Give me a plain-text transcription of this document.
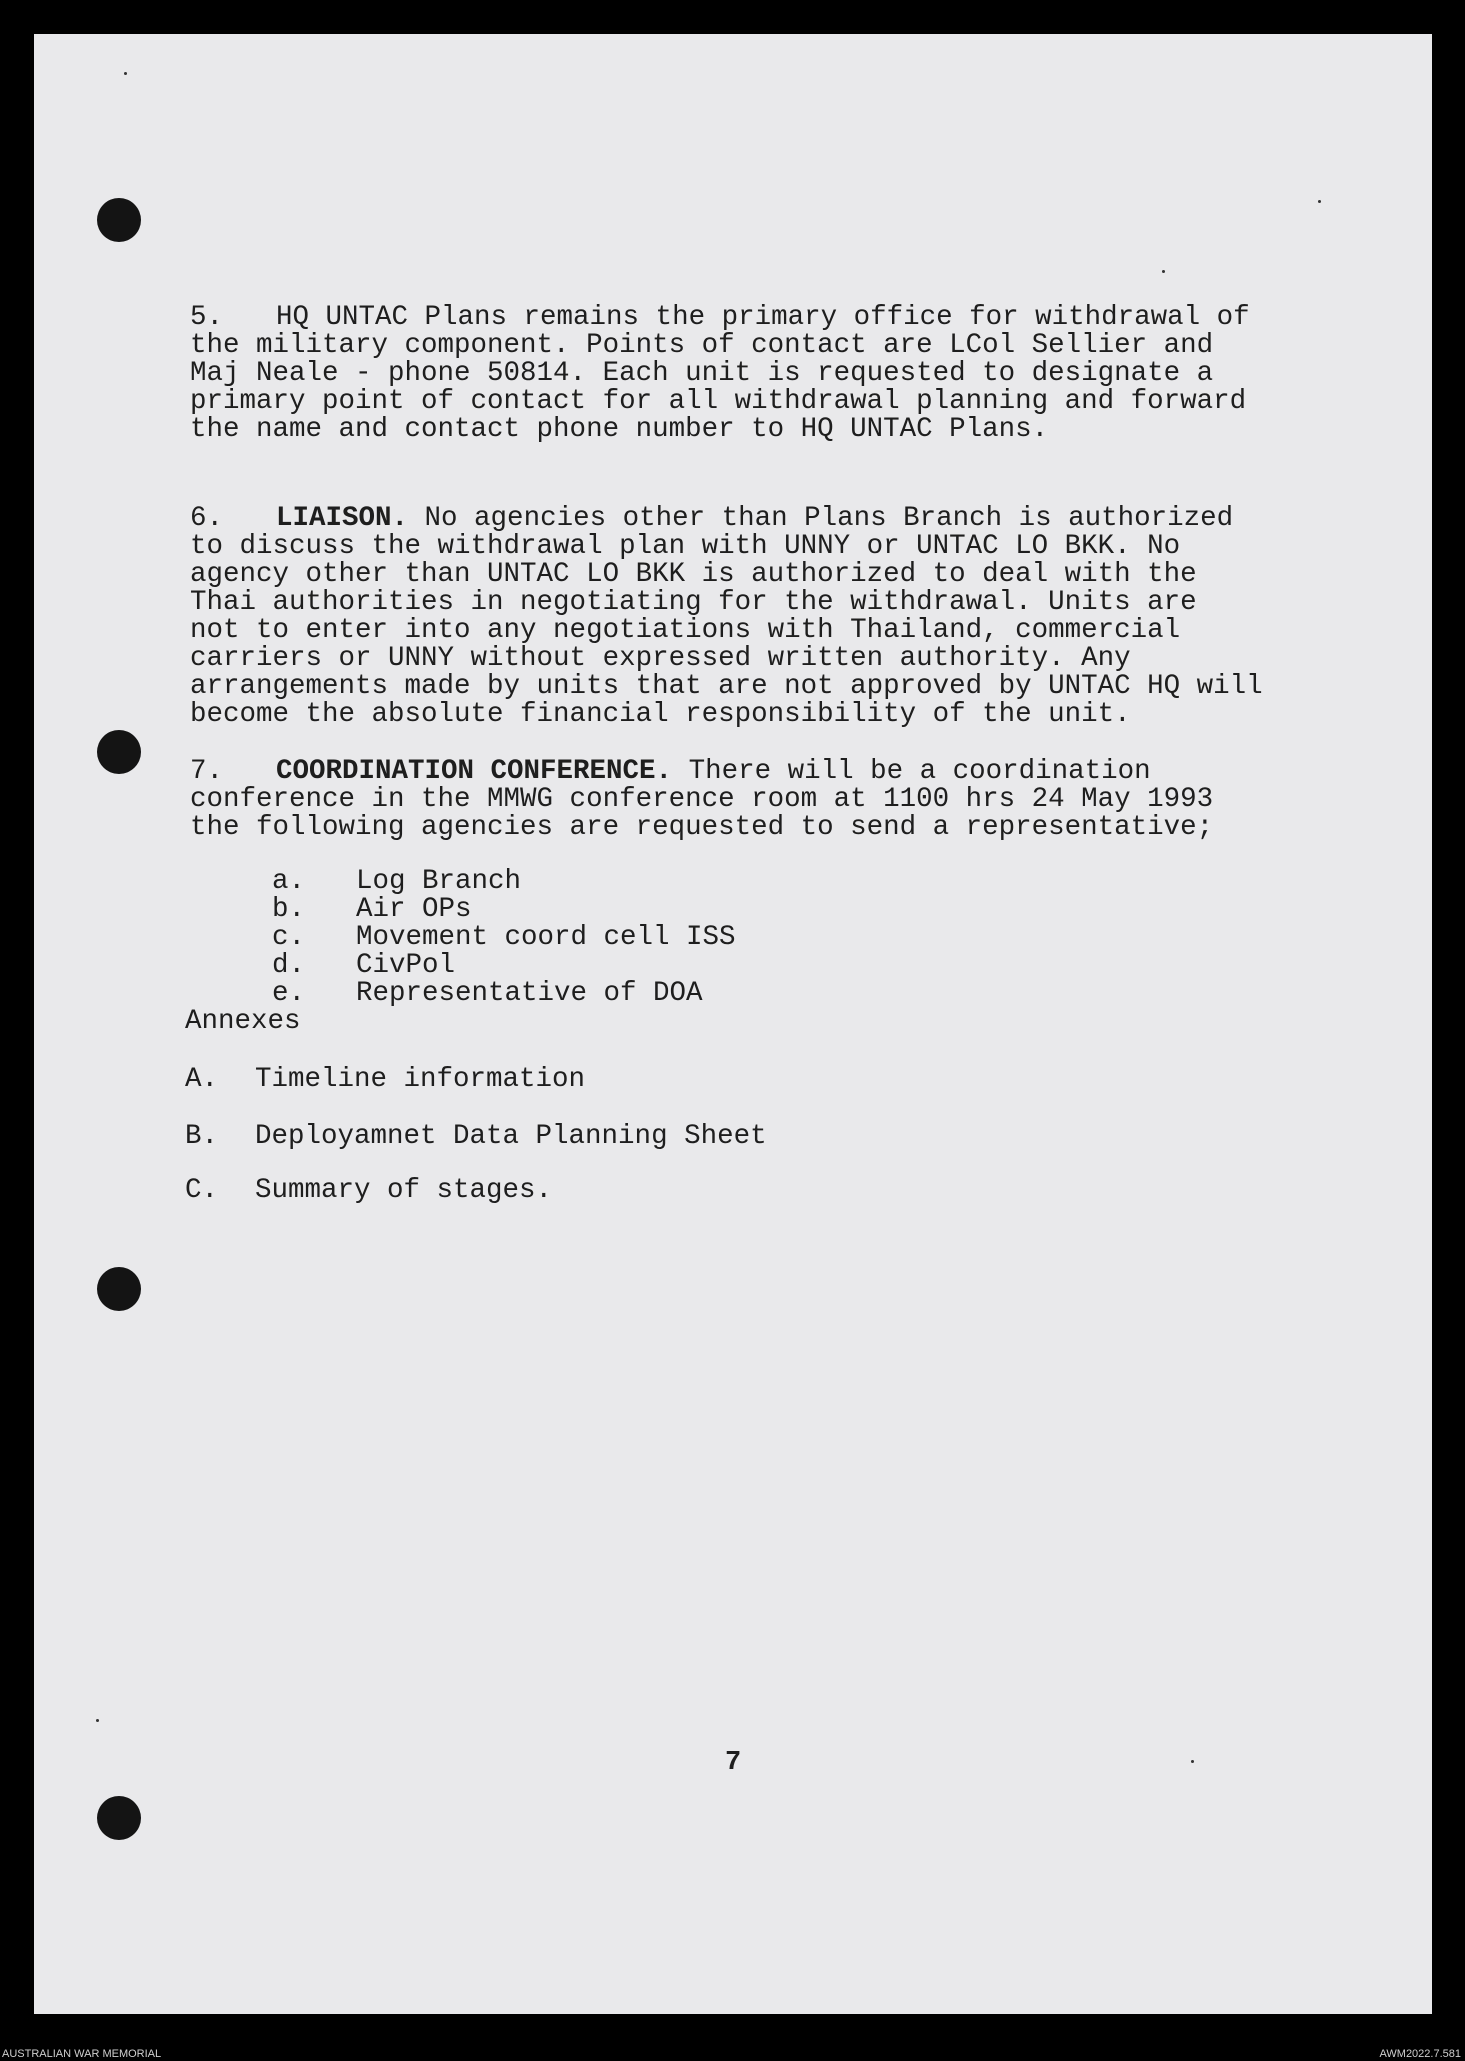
5. HQ UNTAC Plans remains the primary office for withdrawal of
the military component. Points of contact are LCol Sellier and
Maj Neale - phone 50814. Each unit is requested to designate a
primary point of contact for all withdrawal planning and forward
the name and contact phone number to HQ UNTAC Plans.
6. LIAISON. No agencies other than Plans Branch is authorized
to discuss the withdrawal plan with UNNY or UNTAC LO BKK. No
agency other than UNTAC LO BKK is authorized to deal with the
Thai authorities in negotiating for the withdrawal. Units are
not to enter into any negotiations with Thailand, commercial
carriers or UNNY without expressed written authority. Any
arrangements made by units that are not approved by UNTAC HQ will
become the absolute financial responsibility of the unit.
7. COORDINATION CONFERENCE. There will be a coordination
conference in the MMWG conference room at 1100 hrs 24 May 1993
the following agencies are requested to send a representative;
a. Log Branch
b. Air OPs
c. Movement coord cell ISS
d. CivPol
e. Representative of DOA
Annexes
A. Timeline information
B. Deployamnet Data Planning Sheet
C. Summary of stages.
7
AUSTRALIAN WAR MEMORIAL	AWM2022.7.581
